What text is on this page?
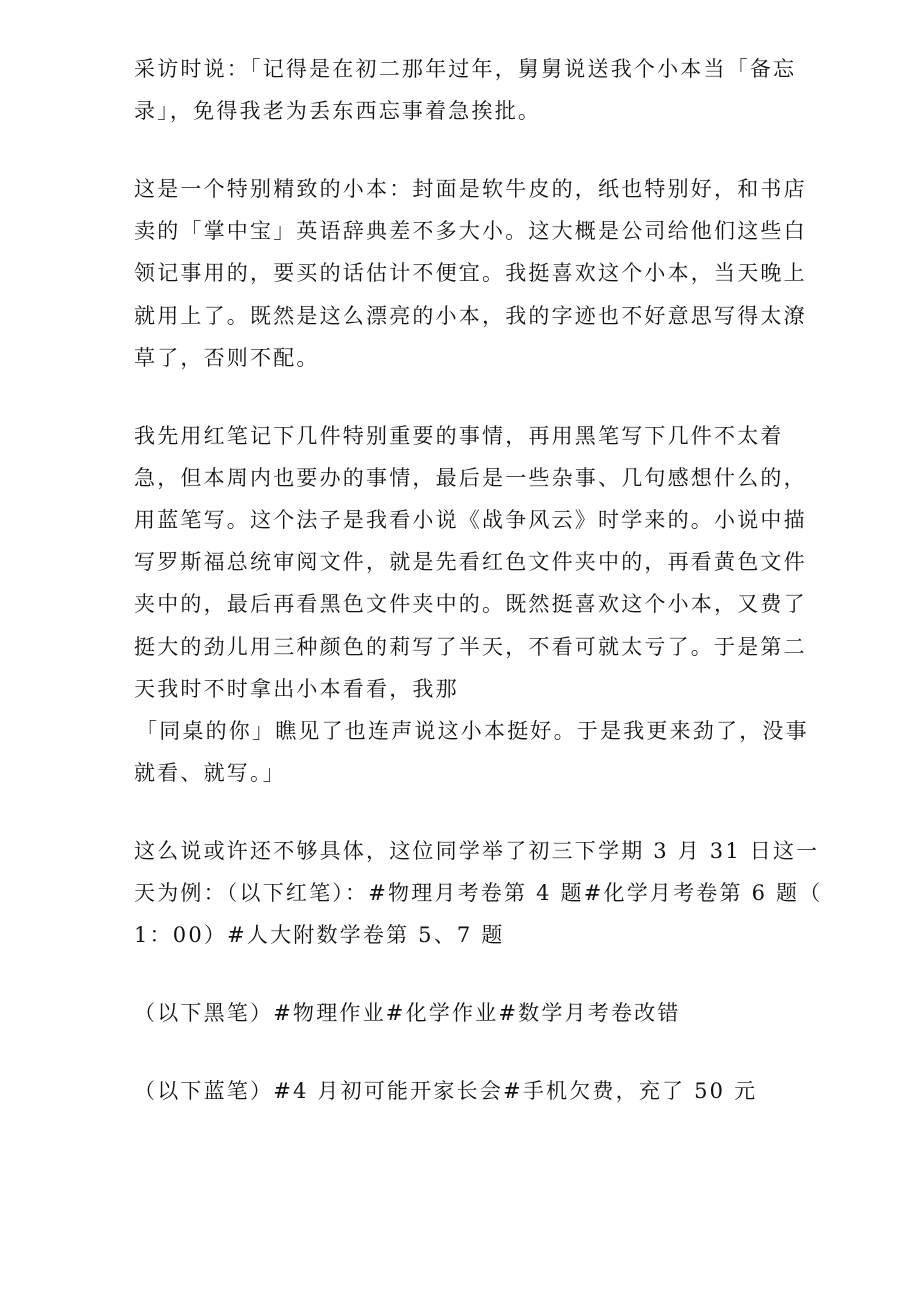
采访时说：「记得是在初二那年过年，舅舅说送我个小本当「备忘
录」，免得我老为丢东西忘事着急挨批。
这是一个特别精致的小本：封面是软牛皮的，纸也特别好，和书店
卖的「掌中宝」英语辞典差不多大小。这大概是公司给他们这些白
领记事用的，要买的话估计不便宜。我挺喜欢这个小本，当天晚上
就用上了。既然是这么漂亮的小本，我的字迹也不好意思写得太潦
草了，否则不配。
我先用红笔记下几件特别重要的事情，再用黑笔写下几件不太着
急，但本周内也要办的事情，最后是一些杂事、几句感想什么的，
用蓝笔写。这个法子是我看小说《战争风云》时学来的。小说中描
写罗斯福总统审阅文件，就是先看红色文件夹中的，再看黄色文件
夹中的，最后再看黑色文件夹中的。既然挺喜欢这个小本，又费了
挺大的劲儿用三种颜色的莉写了半天，不看可就太亏了。于是第二
天我时不时拿出小本看看，我那
「同桌的你」瞧见了也连声说这小本挺好。于是我更来劲了，没事
就看、就写。」
这么说或许还不够具体，这位同学举了初三下学期 3 月 31 日这一
天为例：（以下红笔）：#物理月考卷第 4 题#化学月考卷第 6 题（
1：00）#人大附数学卷第 5、7 题
（以下黑笔）#物理作业#化学作业#数学月考卷改错
（以下蓝笔）#4 月初可能开家长会#手机欠费，充了 50 元
